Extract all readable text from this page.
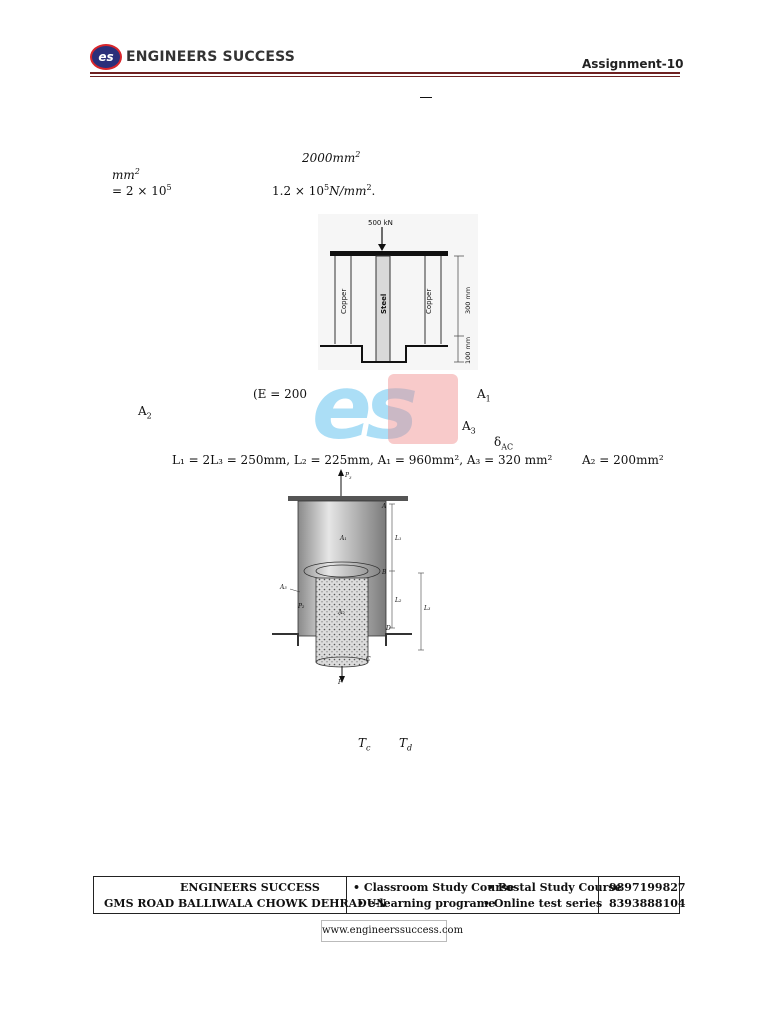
es ENGINEERS SUCCESS	Assignment-10
$2000mm^2$
$mm^2$
= $2 \times 10^5$	$1.2 \times 10^5N/mm^2$.
500 kN
Copper	Steel	Copper	300 mm
100 mm
es
(E = 200	$A_1$
$A_2$
$A_3$
$\delta_{AC}$
L₁ = 2L₃ = 250mm, L₂ = 225mm, A₁ = 960mm², A₃ = 320 mm² A₂ = 200mm²
$P_3$
P
A₁
A₂
A₃
P₂
A
B
D
C
L₁
L₂
L₃
$T_c$ $T_d$
ENGINEERS SUCCESS
GMS ROAD BALLIWALA CHOWK DEHRADUN
• Classroom Study Course
• Postal Study Course
• e-learning programe
• Online test series
9897199827
8393888104
www.engineerssuccess.com
